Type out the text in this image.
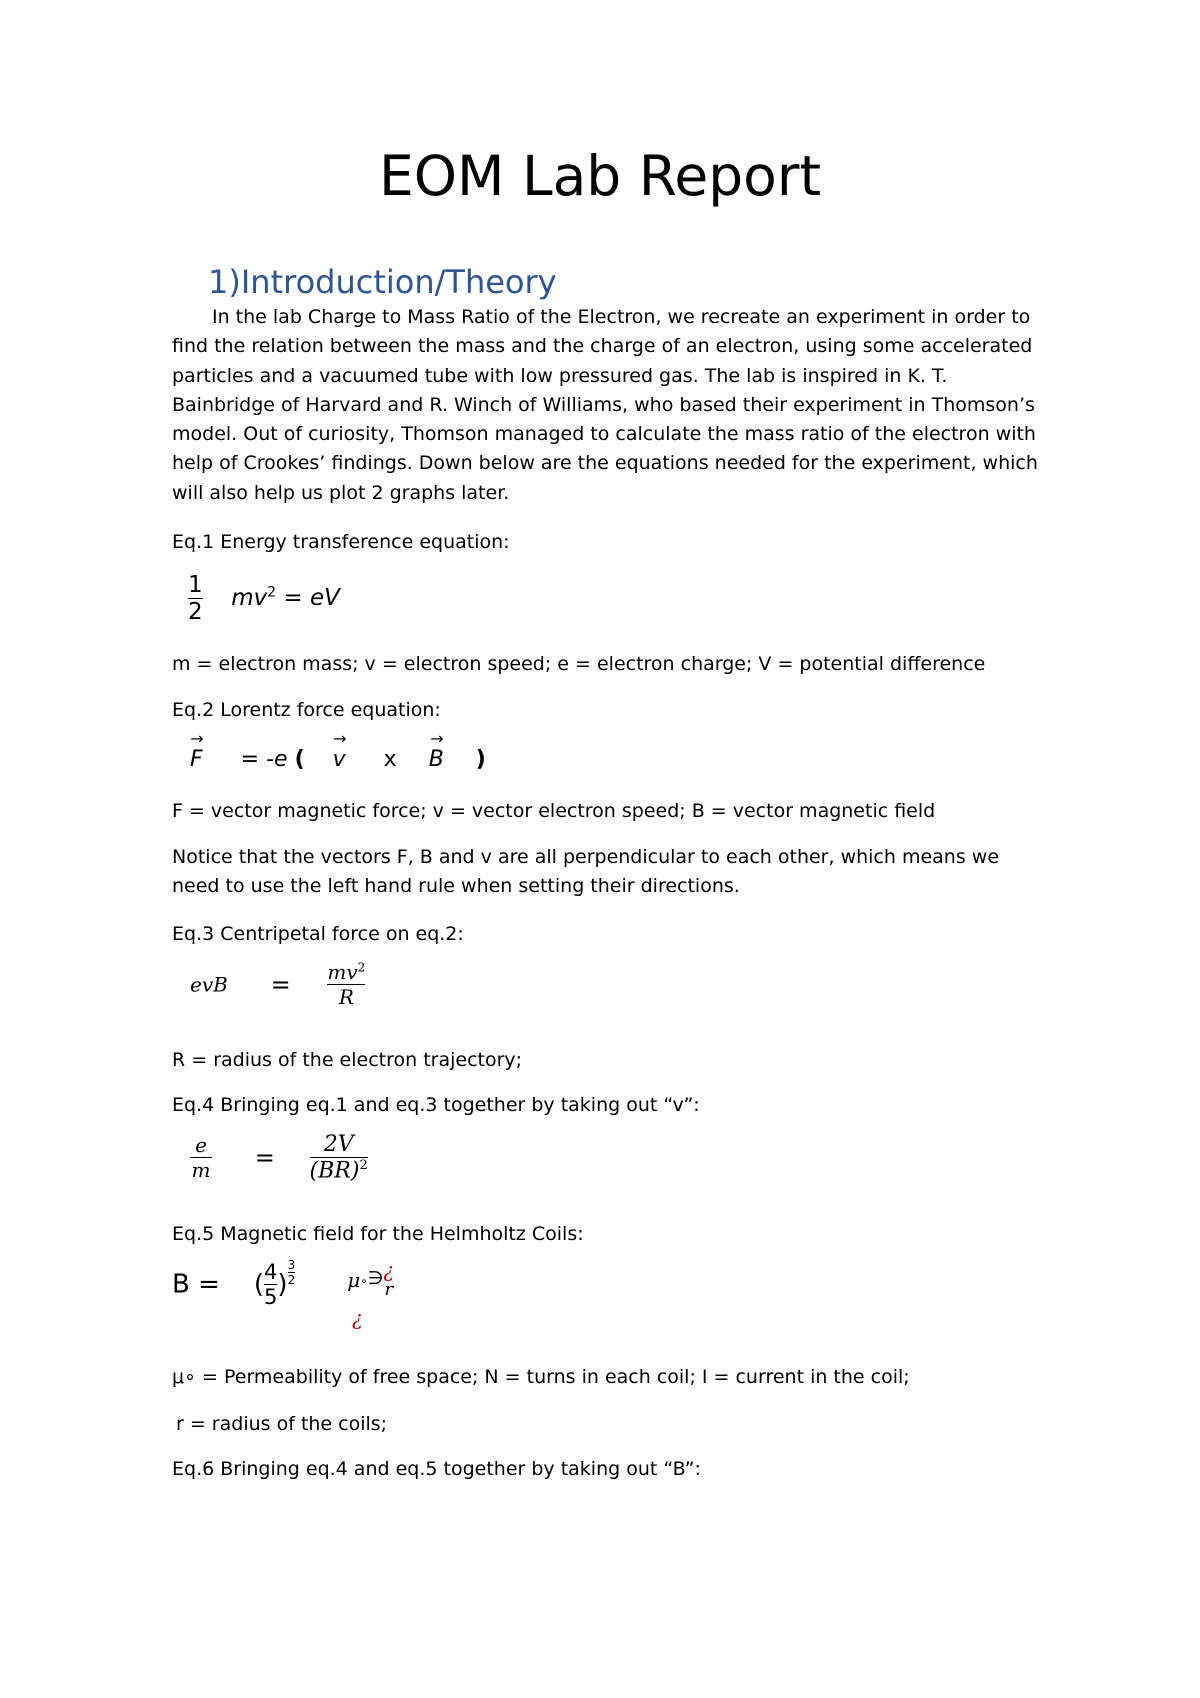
EOM Lab Report
1)Introduction/Theory

In the lab Charge to Mass Ratio of the Electron, we recreate an experiment in order to find the relation between the mass and the charge of an electron, using some accelerated particles and a vacuumed tube with low pressured gas. The lab is inspired in K. T. Bainbridge of Harvard and R. Winch of Williams, who based their experiment in Thomson’s model. Out of curiosity, Thomson managed to calculate the mass ratio of the electron with help of Crookes’ findings. Down below are the equations needed for the experiment, which will also help us plot 2 graphs later.

Eq.1 Energy transference equation:
$\frac{1}{2} mv^2$ = eV
m = electron mass; v = electron speed; e = electron charge; V = potential difference
Eq.2 Lorentz force equation:
F
→
= -e ( v
→
x B
→
)
F = vector magnetic force; v = vector electron speed; B = vector magnetic field
Notice that the vectors F, B and v are all perpendicular to each other, which means we need to use the left hand rule when setting their directions.
Eq.3 Centripetal force on eq.2:
evB = $\frac{mv^2}{R}$
R = radius of the electron trajectory;
Eq.4 Bringing eq.1 and eq.3 together by taking out “v”:
$\frac{e}{m} = \frac{2V}{(BR)^2}$
Eq.5 Magnetic field for the Helmholtz Coils:
B = ( $\frac{4}{5}$ ) $\frac{3}{2}$	μ∘∋ ¿
r
¿
μ∘ = Permeability of free space; N = turns in each coil; I = current in the coil;
r = radius of the coils;
Eq.6 Bringing eq.4 and eq.5 together by taking out “B”:
